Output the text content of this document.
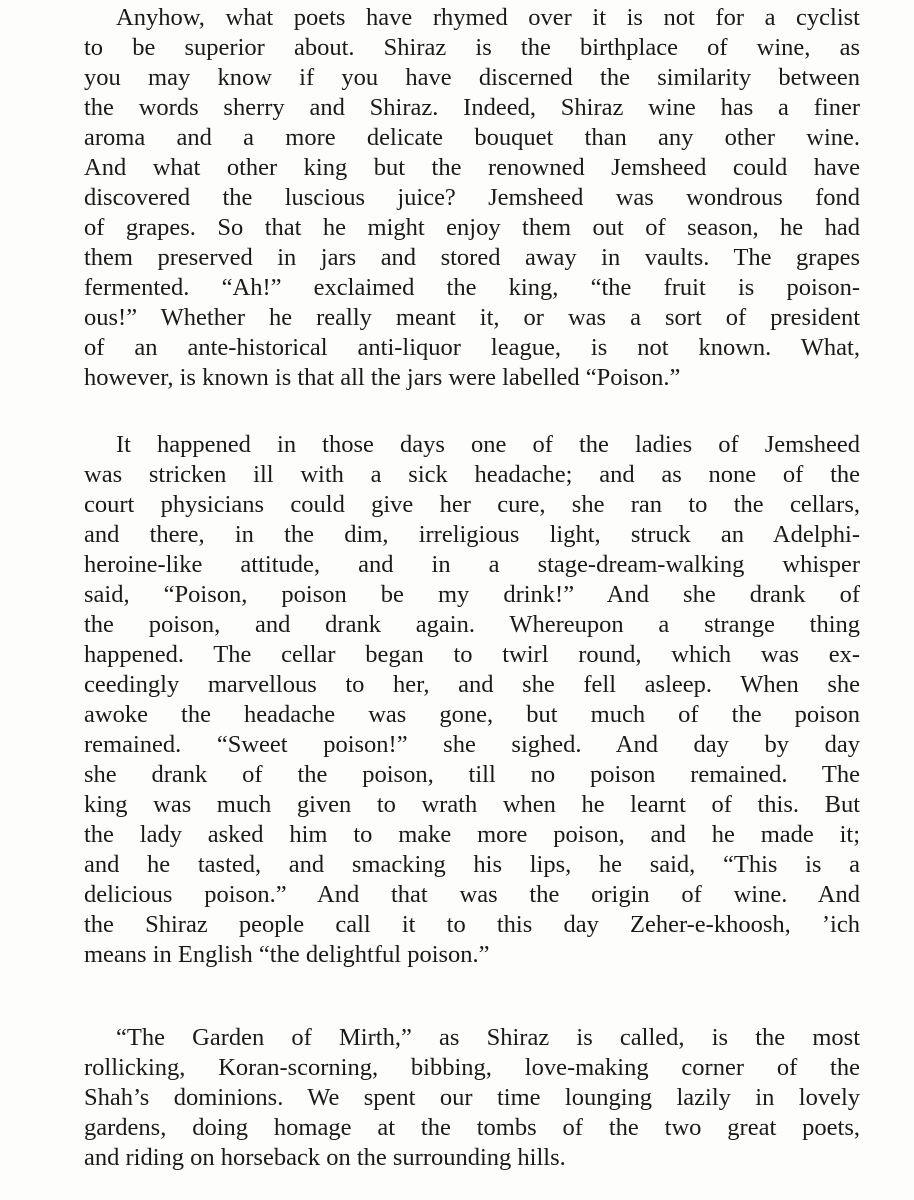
Anyhow, what poets have rhymed over it is not for a cyclist
to be superior about. Shiraz is the birthplace of wine, as
you may know if you have discerned the similarity between
the words sherry and Shiraz. Indeed, Shiraz wine has a finer
aroma and a more delicate bouquet than any other wine.
And what other king but the renowned Jemsheed could have
discovered the luscious juice? Jemsheed was wondrous fond
of grapes. So that he might enjoy them out of season, he had
them preserved in jars and stored away in vaults. The grapes
fermented. “Ah!” exclaimed the king, “the fruit is poison-
ous!” Whether he really meant it, or was a sort of president
of an ante-historical anti-liquor league, is not known. What,
however, is known is that all the jars were labelled “Poison.”
It happened in those days one of the ladies of Jemsheed
was stricken ill with a sick headache; and as none of the
court physicians could give her cure, she ran to the cellars,
and there, in the dim, irreligious light, struck an Adelphi-
heroine-like attitude, and in a stage-dream-walking whisper
said, “Poison, poison be my drink!” And she drank of
the poison, and drank again. Whereupon a strange thing
happened. The cellar began to twirl round, which was ex-
ceedingly marvellous to her, and she fell asleep. When she
awoke the headache was gone, but much of the poison
remained. “Sweet poison!” she sighed. And day by day
she drank of the poison, till no poison remained. The
king was much given to wrath when he learnt of this. But
the lady asked him to make more poison, and he made it;
and he tasted, and smacking his lips, he said, “This is a
delicious poison.” And that was the origin of wine. And
the Shiraz people call it to this day Zeher-e-khoosh, ’ich
means in English “the delightful poison.”
“The Garden of Mirth,” as Shiraz is called, is the most
rollicking, Koran-scorning, bibbing, love-making corner of the
Shah’s dominions. We spent our time lounging lazily in lovely
gardens, doing homage at the tombs of the two great poets,
and riding on horseback on the surrounding hills.
